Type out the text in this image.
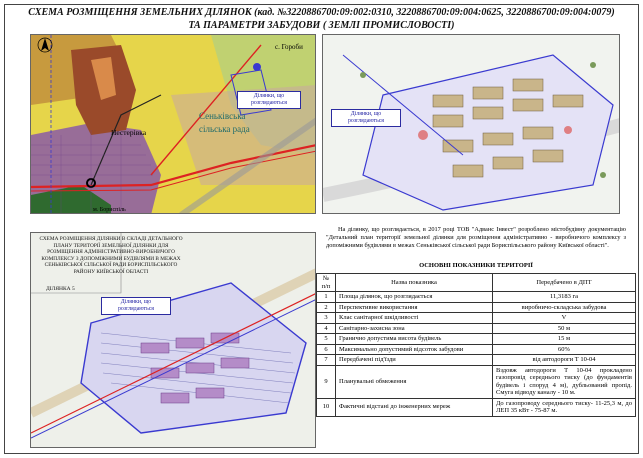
СХЕМА РОЗМІЩЕННЯ ЗЕМЕЛЬНИХ ДІЛЯНОК (кад. №3220886700:09:002:0310, 3220886700:09:004:0625, 3220886700:09:004:0079)
ТА ПАРАМЕТРИ ЗАБУДОВИ ( ЗЕМЛІ ПРОМИСЛОВОСТІ)
с. Гороби
Нестерівка
Сеньківська
сільська рада
м. Бориспіль
Ділянки, що розглядаються
Ділянки, що розглядаються
Ділянки, що розглядаються
СХЕМА РОЗМІЩЕННЯ ДІЛЯНКИ В СКЛАДІ ДЕТАЛЬНОГО ПЛАНУ ТЕРИТОРІЇ ЗЕМЕЛЬНОЇ ДІЛЯНКИ ДЛЯ РОЗМІЩЕННЯ АДМІНІСТРАТИВНО-ВИРОБНИЧОГО КОМПЛЕКСУ З ДОПОМІЖНИМИ БУДІВЛЯМИ В МЕЖАХ СЕНЬКІВСЬКОЇ СІЛЬСЬКОЇ РАДИ БОРИСПІЛЬСЬКОГО РАЙОНУ КИЇВСЬКОЇ ОБЛАСТІ
ДІЛЯНКА 5
На ділянку, що розглядається, в 2017 році ТОВ "Адванс Інвест" розроблено містобудівну документацію "Детальний план території земельної ділянки для розміщення адміністративно - виробничого комплексу з допоміжними будівлями в межах Сеньківської сільської ради Бориспільського району Київської області".
ОСНОВНІ ПОКАЗНИКИ ТЕРИТОРІЇ
№ п/п	Назва показника	Передбачено в ДПТ
1	Площа ділянок, що розглядається	11,3183 га
2	Перспективне використання	виробничо-складська забудова
3	Клас санітарної шкідливості	V
4	Санітарно-захисна зона	50 м
5	Гранично допустима висота будівель	15 м
6	Максимально допустимий відсоток забудови	60%
7	Передбачені під'їзди	від автодороги Т 10-04
9	Планувальні обмеження	Вздовж автодороги Т 10-04 прокладено газопровід середнього тиску (до фундаментів будівель і споруд 4 м), дубльований пропід. Смуга відводу каналу - 10 м.
10	Фактичні відстані до інженерних мереж	До газопроводу середнього тиску- 11-25,3 м, до ЛЕП 35 кВт - 75-87 м.
